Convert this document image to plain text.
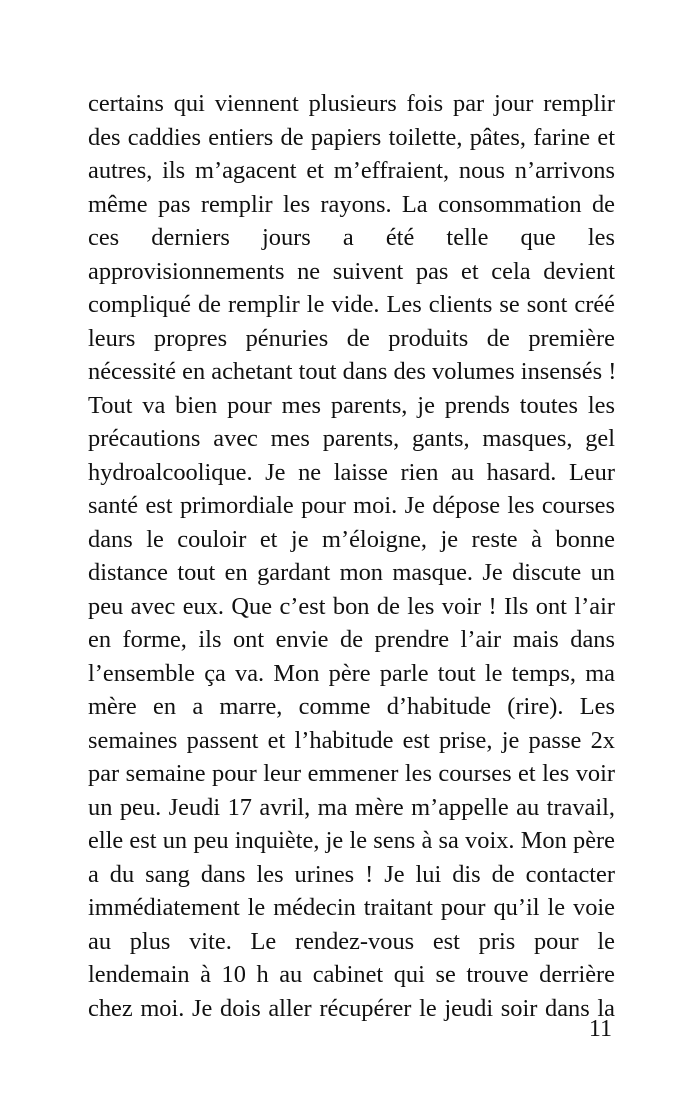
certains qui viennent plusieurs fois par jour remplir
des caddies entiers de papiers toilette, pâtes, farine et
autres, ils m’agacent et m’effraient, nous n’arrivons
même pas remplir les rayons. La consommation de
ces derniers jours a été telle que les
approvisionnements ne suivent pas et cela devient
compliqué de remplir le vide. Les clients se sont créé
leurs propres pénuries de produits de première
nécessité en achetant tout dans des volumes insensés !
Tout va bien pour mes parents, je prends toutes les
précautions avec mes parents, gants, masques, gel
hydroalcoolique. Je ne laisse rien au hasard. Leur
santé est primordiale pour moi. Je dépose les courses
dans le couloir et je m’éloigne, je reste à bonne
distance tout en gardant mon masque. Je discute un
peu avec eux. Que c’est bon de les voir ! Ils ont l’air
en forme, ils ont envie de prendre l’air mais dans
l’ensemble ça va. Mon père parle tout le temps, ma
mère en a marre, comme d’habitude (rire). Les
semaines passent et l’habitude est prise, je passe 2x
par semaine pour leur emmener les courses et les voir
un peu. Jeudi 17 avril, ma mère m’appelle au travail,
elle est un peu inquiète, je le sens à sa voix. Mon père
a du sang dans les urines ! Je lui dis de contacter
immédiatement le médecin traitant pour qu’il le voie
au plus vite. Le rendez-vous est pris pour le
lendemain à 10 h au cabinet qui se trouve derrière
chez moi. Je dois aller récupérer le jeudi soir dans la
11
